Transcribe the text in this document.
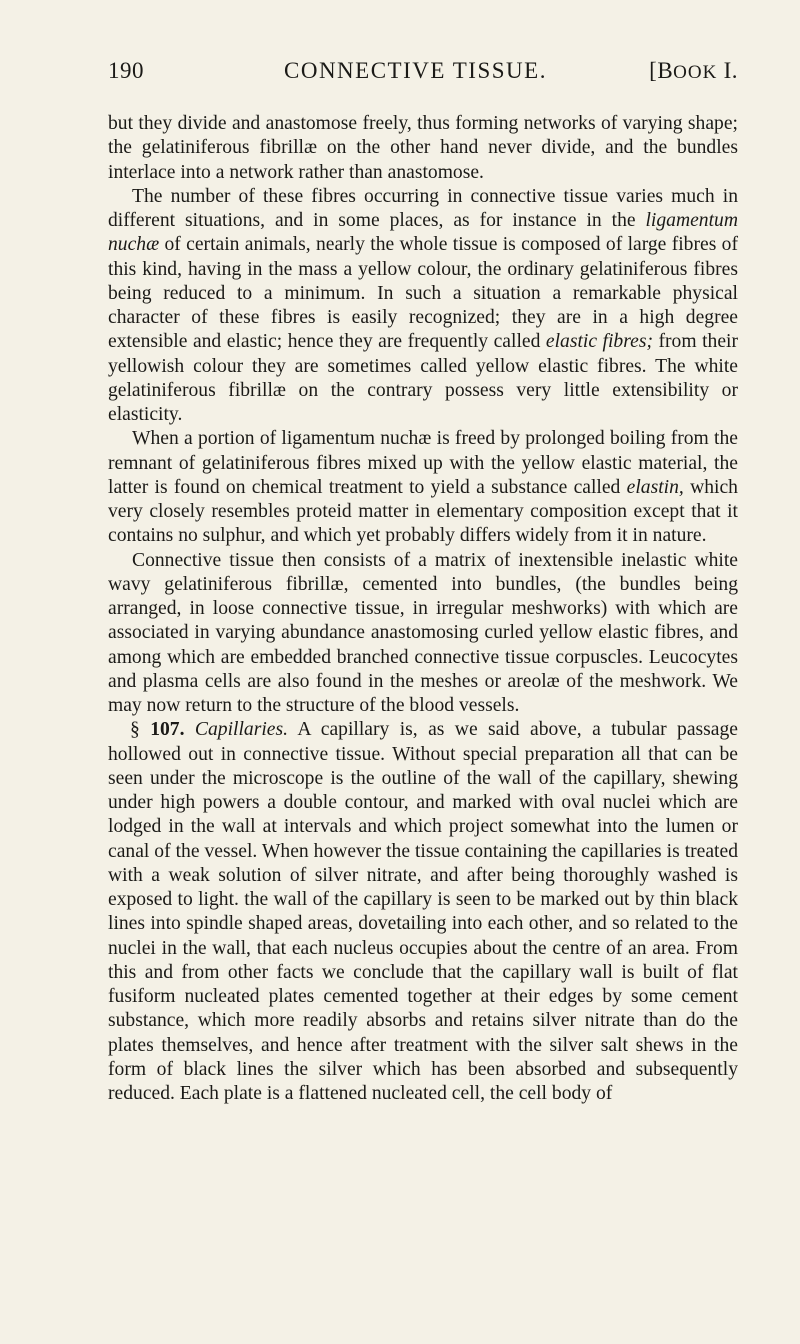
190	CONNECTIVE TISSUE.	[BOOK I.

but they divide and anastomose freely, thus forming networks of varying shape; the gelatiniferous fibrillæ on the other hand never divide, and the bundles interlace into a network rather than anastomose.

The number of these fibres occurring in connective tissue varies much in different situations, and in some places, as for instance in the ligamentum nuchæ of certain animals, nearly the whole tissue is composed of large fibres of this kind, having in the mass a yellow colour, the ordinary gelatiniferous fibres being reduced to a minimum. In such a situation a remarkable physical character of these fibres is easily recognized; they are in a high degree extensible and elastic; hence they are frequently called elastic fibres; from their yellowish colour they are sometimes called yellow elastic fibres. The white gelatiniferous fibrillæ on the contrary possess very little extensibility or elasticity.

When a portion of ligamentum nuchæ is freed by prolonged boiling from the remnant of gelatiniferous fibres mixed up with the yellow elastic material, the latter is found on chemical treatment to yield a substance called elastin, which very closely resembles proteid matter in elementary composition except that it contains no sulphur, and which yet probably differs widely from it in nature.

Connective tissue then consists of a matrix of inextensible inelastic white wavy gelatiniferous fibrillæ, cemented into bundles, (the bundles being arranged, in loose connective tissue, in irregular meshworks) with which are associated in varying abundance anastomosing curled yellow elastic fibres, and among which are embedded branched connective tissue corpuscles. Leucocytes and plasma cells are also found in the meshes or areolæ of the meshwork. We may now return to the structure of the blood vessels.

§ 107. Capillaries. A capillary is, as we said above, a tubular passage hollowed out in connective tissue. Without special preparation all that can be seen under the microscope is the outline of the wall of the capillary, shewing under high powers a double contour, and marked with oval nuclei which are lodged in the wall at intervals and which project somewhat into the lumen or canal of the vessel. When however the tissue containing the capillaries is treated with a weak solution of silver nitrate, and after being thoroughly washed is exposed to light. the wall of the capillary is seen to be marked out by thin black lines into spindle shaped areas, dovetailing into each other, and so related to the nuclei in the wall, that each nucleus occupies about the centre of an area. From this and from other facts we conclude that the capillary wall is built of flat fusiform nucleated plates cemented together at their edges by some cement substance, which more readily absorbs and retains silver nitrate than do the plates themselves, and hence after treatment with the silver salt shews in the form of black lines the silver which has been absorbed and subsequently reduced. Each plate is a flattened nucleated cell, the cell body of
